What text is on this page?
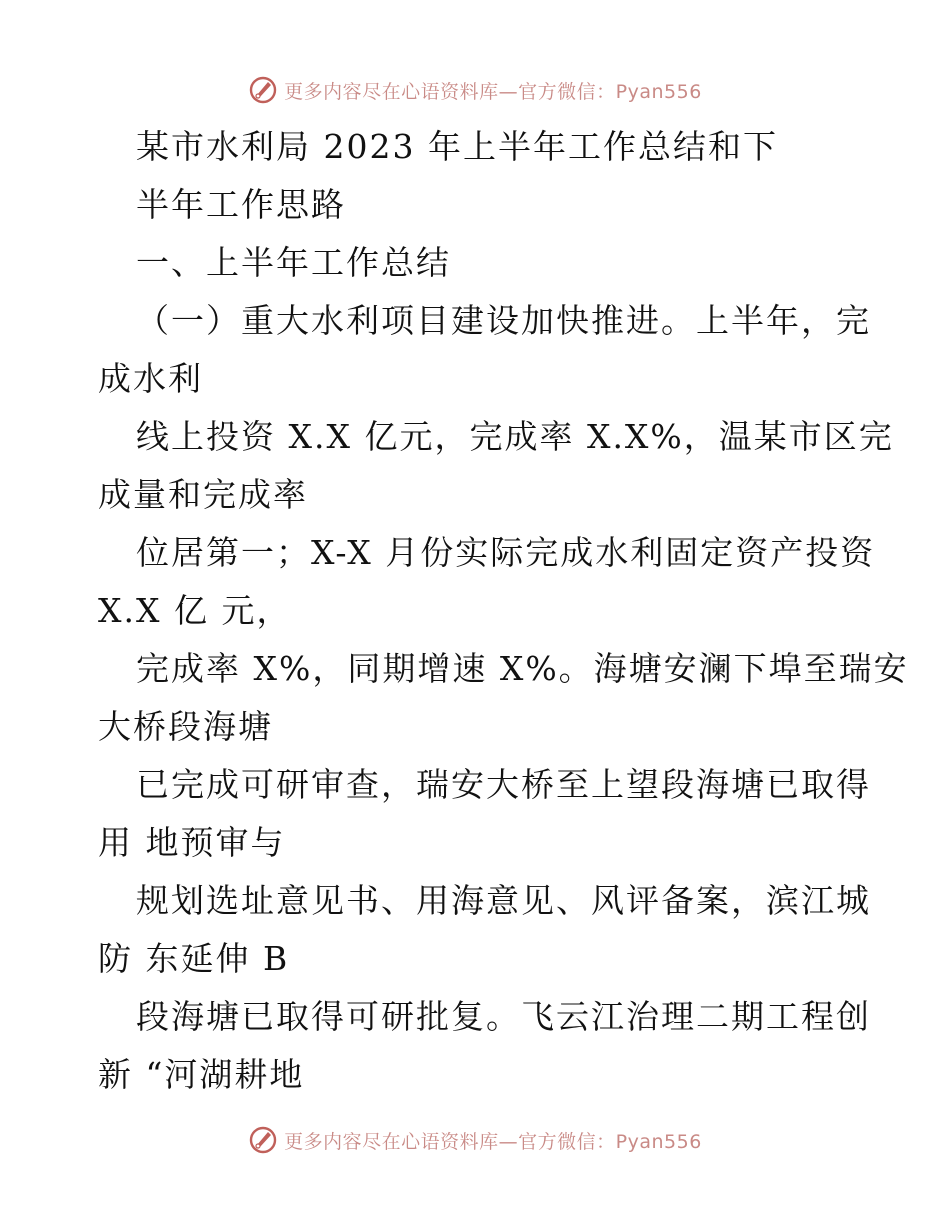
更多内容尽在心语资料库—官方微信：Pyan556
某市水利局 2023 年上半年工作总结和下
半年工作思路
一、上半年工作总结
（一）重大水利项目建设加快推进。上半年，完
成水利
线上投资 X.X 亿元，完成率 X.X%，温某市区完
成量和完成率
位居第一；X-X 月份实际完成水利固定资产投资
X.X 亿 元，
完成率 X%，同期增速 X%。海塘安澜下埠至瑞安
大桥段海塘
已完成可研审查，瑞安大桥至上望段海塘已取得
用 地预审与
规划选址意见书、用海意见、风评备案，滨江城
防 东延伸 B
段海塘已取得可研批复。飞云江治理二期工程创
新 “河湖耕地
更多内容尽在心语资料库—官方微信：Pyan556
